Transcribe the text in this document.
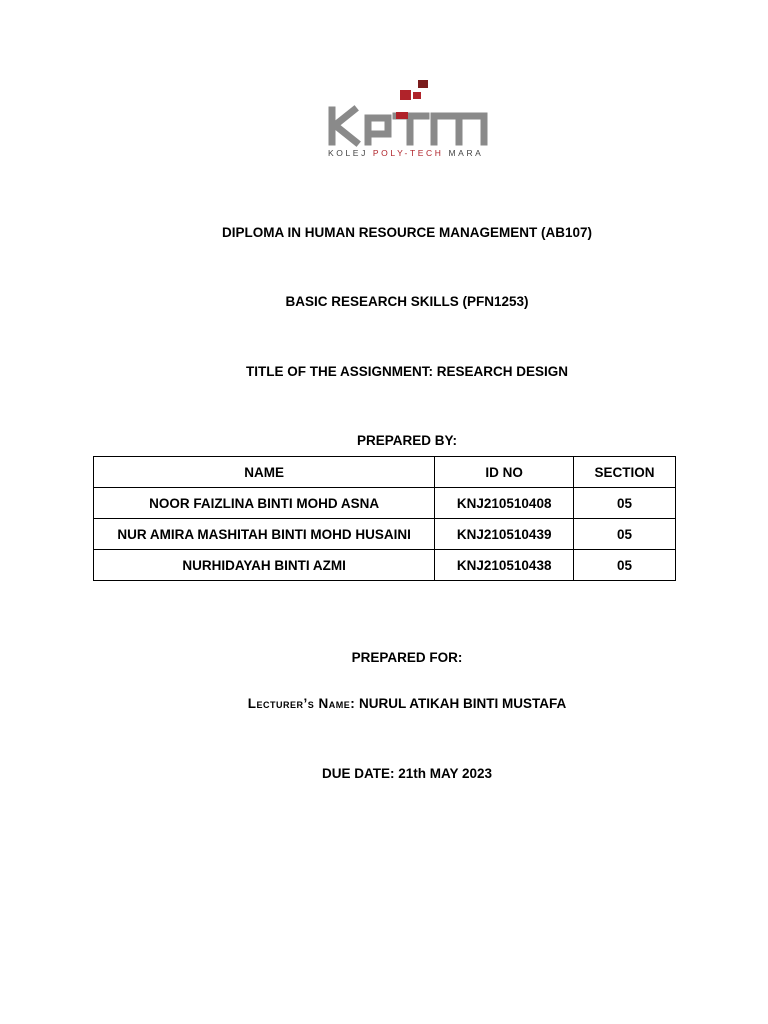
KOLEJ POLY-TECH MARA
DIPLOMA IN HUMAN RESOURCE MANAGEMENT (AB107)
BASIC RESEARCH SKILLS (PFN1253)
TITLE OF THE ASSIGNMENT: RESEARCH DESIGN
PREPARED BY:
NAME	ID NO	SECTION
NOOR FAIZLINA BINTI MOHD ASNA	KNJ210510408	05
NUR AMIRA MASHITAH BINTI MOHD HUSAINI	KNJ210510439	05
NURHIDAYAH BINTI AZMI	KNJ210510438	05
PREPARED FOR:
Lecturer’s Name: NURUL ATIKAH BINTI MUSTAFA
DUE DATE: 21th MAY 2023
